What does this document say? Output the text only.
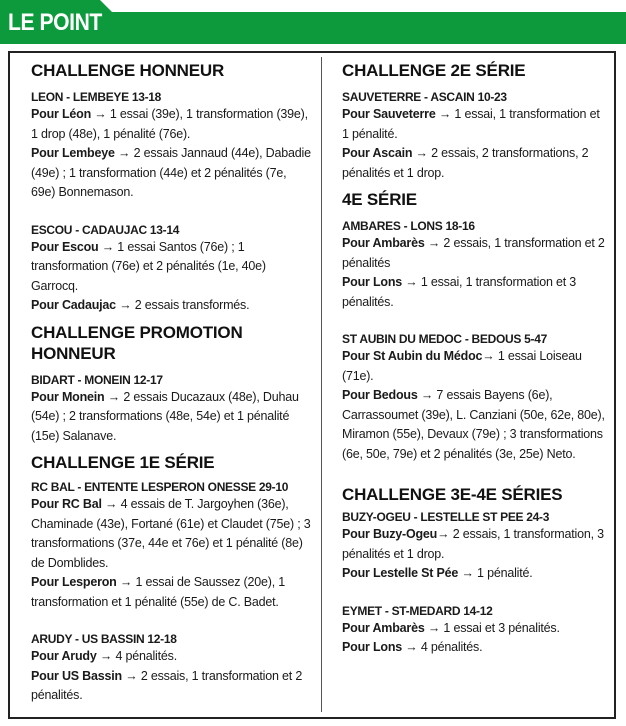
LE POINT
CHALLENGE HONNEUR
LEON - LEMBEYE 13-18

Pour Léon → 1 essai (39e), 1 transformation (39e), 1 drop (48e), 1 pénalité (76e).

Pour Lembeye → 2 essais Jannaud (44e), Dabadie (49e) ; 1 transformation (44e) et 2 pénalités (7e, 69e) Bonnemason.

ESCOU - CADAUJAC 13-14

Pour Escou → 1 essai Santos (76e) ; 1 transformation (76e) et 2 pénalités (1e, 40e) Garrocq.

Pour Cadaujac → 2 essais transformés.

CHALLENGE PROMOTION
HONNEUR
BIDART - MONEIN 12-17

Pour Monein → 2 essais Ducazaux (48e), Duhau (54e) ; 2 transformations (48e, 54e) et 1 pénalité (15e) Salanave.

CHALLENGE 1E SÉRIE
RC BAL - ENTENTE LESPERON ONESSE 29-10

Pour RC Bal → 4 essais de T. Jargoyhen (36e), Chaminade (43e), Fortané (61e) et Claudet (75e) ; 3 transformations (37e, 44e et 76e) et 1 pénalité (8e) de Domblides.

Pour Lesperon → 1 essai de Saussez (20e), 1 transformation et 1 pénalité (55e) de C. Badet.

ARUDY - US BASSIN 12-18

Pour Arudy → 4 pénalités.

Pour US Bassin → 2 essais, 1 transformation et 2 pénalités.

CHALLENGE 2E SÉRIE
SAUVETERRE - ASCAIN 10-23

Pour Sauveterre → 1 essai, 1 transformation et 1 pénalité.

Pour Ascain → 2 essais, 2 transformations, 2 pénalités et 1 drop.

4E SÉRIE
AMBARES - LONS 18-16

Pour Ambarès → 2 essais, 1 transformation et 2 pénalités

Pour Lons → 1 essai, 1 transformation et 3 pénalités.

ST AUBIN DU MEDOC - BEDOUS 5-47

Pour St Aubin du Médoc→ 1 essai Loiseau (71e).

Pour Bedous → 7 essais Bayens (6e), Carrassoumet (39e), L. Canziani (50e, 62e, 80e), Miramon (55e), Devaux (79e) ; 3 transformations (6e, 50e, 79e) et 2 pénalités (3e, 25e) Neto.

CHALLENGE 3E-4E SÉRIES
BUZY-OGEU - LESTELLE ST PEE 24-3

Pour Buzy-Ogeu→ 2 essais, 1 transformation, 3 pénalités et 1 drop.

Pour Lestelle St Pée → 1 pénalité.

EYMET - ST-MEDARD 14-12

Pour Ambarès → 1 essai et 3 pénalités.

Pour Lons → 4 pénalités.
